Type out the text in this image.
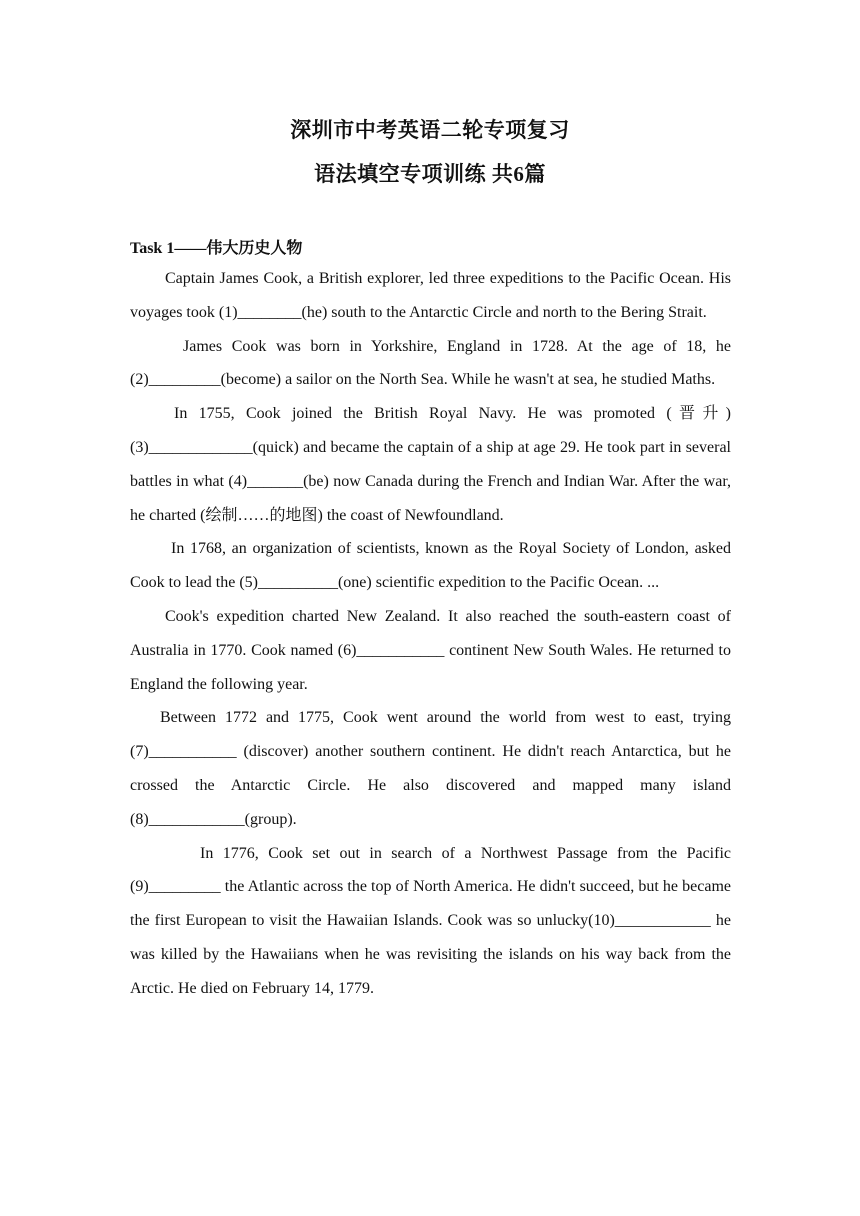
深圳市中考英语二轮专项复习
语法填空专项训练 共6篇
Task 1——伟大历史人物

Captain James Cook, a British explorer, led three expeditions to the Pacific Ocean. His voyages took (1)________(he) south to the Antarctic Circle and north to the Bering Strait.

James Cook was born in Yorkshire, England in 1728. At the age of 18, he (2)_________(become) a sailor on the North Sea. While he wasn't at sea, he studied Maths.

In 1755, Cook joined the British Royal Navy. He was promoted (晋升) (3)_____________(quick) and became the captain of a ship at age 29. He took part in several battles in what (4)_______(be) now Canada during the French and Indian War. After the war, he charted (绘制……的地图) the coast of Newfoundland.

In 1768, an organization of scientists, known as the Royal Society of London, asked Cook to lead the (5)__________(one) scientific expedition to the Pacific Ocean. ...

Cook's expedition charted New Zealand. It also reached the south-eastern coast of Australia in 1770. Cook named (6)___________ continent New South Wales. He returned to England the following year.

Between 1772 and 1775, Cook went around the world from west to east, trying (7)___________ (discover) another southern continent. He didn't reach Antarctica, but he crossed the Antarctic Circle. He also discovered and mapped many island (8)____________(group).

In 1776, Cook set out in search of a Northwest Passage from the Pacific (9)_________ the Atlantic across the top of North America. He didn't succeed, but he became the first European to visit the Hawaiian Islands. Cook was so unlucky(10)____________ he was killed by the Hawaiians when he was revisiting the islands on his way back from the Arctic. He died on February 14, 1779.
